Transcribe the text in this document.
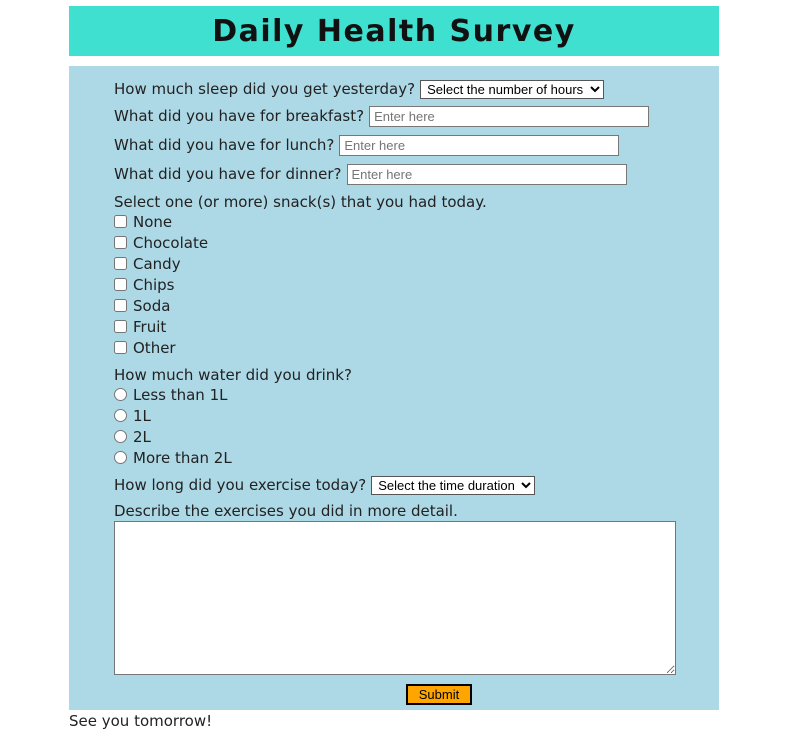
Daily Health Survey
How much sleep did you get yesterday?
Select the number of hours
What did you have for breakfast?
Enter here
What did you have for lunch?
Enter here
What did you have for dinner?
Enter here
Select one (or more) snack(s) that you had today.
None
Chocolate
Candy
Chips
Soda
Fruit
Other
How much water did you drink?
Less than 1L
1L
2L
More than 2L
How long did you exercise today?
Select the time duration
Describe the exercises you did in more detail.
Submit
See you tomorrow!
